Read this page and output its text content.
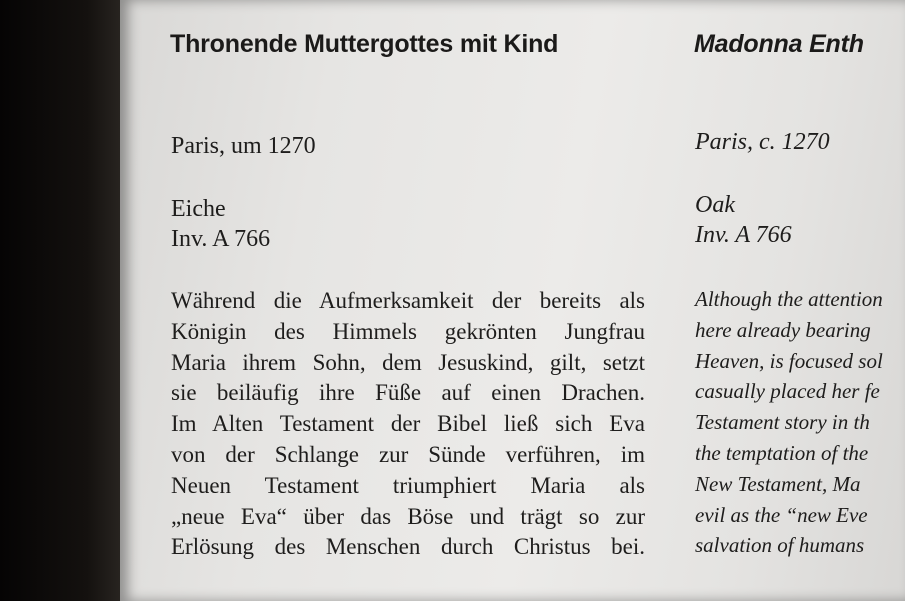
Thronende Muttergottes mit Kind	Madonna Enth
Paris, um 1270	Paris, c. 1270
Eiche	Oak
Inv. A 766	Inv. A 766
Während die Aufmerksamkeit der bereits als
Königin des Himmels gekrönten Jungfrau
Maria ihrem Sohn, dem Jesuskind, gilt, setzt
sie beiläufig ihre Füße auf einen Drachen.
Im Alten Testament der Bibel ließ sich Eva
von der Schlange zur Sünde verführen, im
Neuen Testament triumphiert Maria als
„neue Eva“ über das Böse und trägt so zur
Erlösung des Menschen durch Christus bei.
Although the attention
here already bearing
Heaven, is focused sol
casually placed her fe
Testament story in th
the temptation of the
New Testament, Ma
evil as the “new Eve
salvation of humans
